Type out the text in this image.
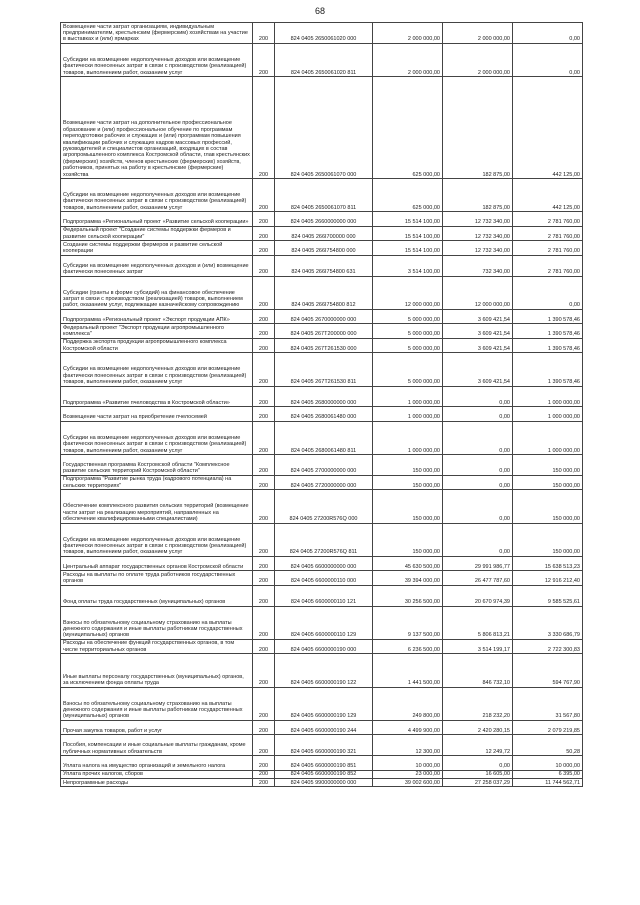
68
Возмещение части затрат организациям, индивидуальным предпринимателям, крестьянским (фермерским) хозяйствам на участие в выставках и (или) ярмарках	200	824 0405 2650061020 000	2 000 000,00	2 000 000,00	0,00
Субсидии на возмещение недополученных доходов или возмещение фактически понесенных затрат в связи с производством (реализацией) товаров, выполнением работ, оказанием услуг	200	824 0405 2650061020 811	2 000 000,00	2 000 000,00	0,00
Возмещение части затрат на дополнительное профессиональное образование и (или) профессиональное обучение по программам переподготовки рабочих и служащих и (или) программам повышения квалификации рабочих и служащих кадров массовых профессий, руководителей и специалистов организаций, входящих в состав агропромышленного комплекса Костромской области, глав крестьянских (фермерских) хозяйств, членов крестьянских (фермерских) хозяйств, работников, принятых на работу в крестьянские (фермерские) хозяйства	200	824 0405 2650061070 000	625 000,00	182 875,00	442 125,00
Субсидии на возмещение недополученных доходов или возмещение фактически понесенных затрат в связи с производством (реализацией) товаров, выполнением работ, оказанием услуг	200	824 0405 2650061070 811	625 000,00	182 875,00	442 125,00
Подпрограмма «Региональный проект «Развитие сельской кооперации»	200	824 0405 2660000000 000	15 514 100,00	12 732 340,00	2 781 760,00
Федеральный проект "Создание системы поддержки фермеров и развитие сельской кооперации"	200	824 0405 266I700000 000	15 514 100,00	12 732 340,00	2 781 760,00
Создание системы поддержки фермеров и развитие сельской кооперации	200	824 0405 266I754800 000	15 514 100,00	12 732 340,00	2 781 760,00
Субсидии на возмещение недополученных доходов и (или) возмещение фактически понесенных затрат	200	824 0405 266I754800 631	3 514 100,00	732 340,00	2 781 760,00
Субсидии (гранты в форме субсидий) на финансовое обеспечение затрат в связи с производством (реализацией) товаров, выполнением работ, оказанием услуг, подлежащие казначейскому сопровождению	200	824 0405 266I754800 812	12 000 000,00	12 000 000,00	0,00
Подпрограмма «Региональный проект «Экспорт продукции АПК»	200	824 0405 2670000000 000	5 000 000,00	3 609 421,54	1 390 578,46
Федеральный проект "Экспорт продукции агропромышленного комплекса"	200	824 0405 267T200000 000	5 000 000,00	3 609 421,54	1 390 578,46
Поддержка экспорта продукции агропромышленного комплекса Костромской области	200	824 0405 267T261530 000	5 000 000,00	3 609 421,54	1 390 578,46
Субсидии на возмещение недополученных доходов или возмещение фактически понесенных затрат в связи с производством (реализацией) товаров, выполнением работ, оказанием услуг	200	824 0405 267T261530 811	5 000 000,00	3 609 421,54	1 390 578,46
Подпрограмма «Развитие пчеловодства в Костромской области»	200	824 0405 2680000000 000	1 000 000,00	0,00	1 000 000,00
Возмещение части затрат на приобретение пчелосемей	200	824 0405 2680061480 000	1 000 000,00	0,00	1 000 000,00
Субсидии на возмещение недополученных доходов или возмещение фактически понесенных затрат в связи с производством (реализацией) товаров, выполнением работ, оказанием услуг	200	824 0405 2680061480 811	1 000 000,00	0,00	1 000 000,00
Государственная программа Костромской области "Комплексное развитие сельских территорий Костромской области"	200	824 0405 2700000000 000	150 000,00	0,00	150 000,00
Подпрограмма "Развитие рынка труда (кадрового потенциала) на сельских территориях"	200	824 0405 2720000000 000	150 000,00	0,00	150 000,00
Обеспечение комплексного развития сельских территорий (возмещение части затрат на реализацию мероприятий, направленных на обеспечение квалифицированными специалистами)	200	824 0405 27200R576Q 000	150 000,00	0,00	150 000,00
Субсидии на возмещение недополученных доходов или возмещение фактически понесенных затрат в связи с производством (реализацией) товаров, выполнением работ, оказанием услуг	200	824 0405 27200R576Q 811	150 000,00	0,00	150 000,00
Центральный аппарат государственных органов Костромской области	200	824 0405 6600000000 000	45 630 500,00	29 991 986,77	15 638 513,23
Расходы на выплаты по оплате труда работников государственных органов	200	824 0405 6600000110 000	39 394 000,00	26 477 787,60	12 916 212,40
Фонд оплаты труда государственных (муниципальных) органов	200	824 0405 6600000110 121	30 256 500,00	20 670 974,39	9 585 525,61
Взносы по обязательному социальному страхованию на выплаты денежного содержания и иные выплаты работникам государственных (муниципальных) органов	200	824 0405 6600000110 129	9 137 500,00	5 806 813,21	3 330 686,79
Расходы на обеспечение функций государственных органов, в том числе территориальных органов	200	824 0405 6600000190 000	6 236 500,00	3 514 199,17	2 722 300,83
Иные выплаты персоналу государственных (муниципальных) органов, за исключением фонда оплаты труда	200	824 0405 6600000190 122	1 441 500,00	846 732,10	594 767,90
Взносы по обязательному социальному страхованию на выплаты денежного содержания и иные выплаты работникам государственных (муниципальных) органов	200	824 0405 6600000190 129	249 800,00	218 232,20	31 567,80
Прочая закупка товаров, работ и услуг	200	824 0405 6600000190 244	4 499 900,00	2 420 280,15	2 079 219,85
Пособия, компенсации и иные социальные выплаты гражданам, кроме публичных нормативных обязательств	200	824 0405 6600000190 321	12 300,00	12 249,72	50,28
Уплата налога на имущество организаций и земельного налога	200	824 0405 6600000190 851	10 000,00	0,00	10 000,00
Уплата прочих налогов, сборов	200	824 0405 6600000190 852	23 000,00	16 605,00	6 395,00
Непрограммные расходы	200	824 0405 9900000000 000	39 002 600,00	27 258 037,29	11 744 562,71
